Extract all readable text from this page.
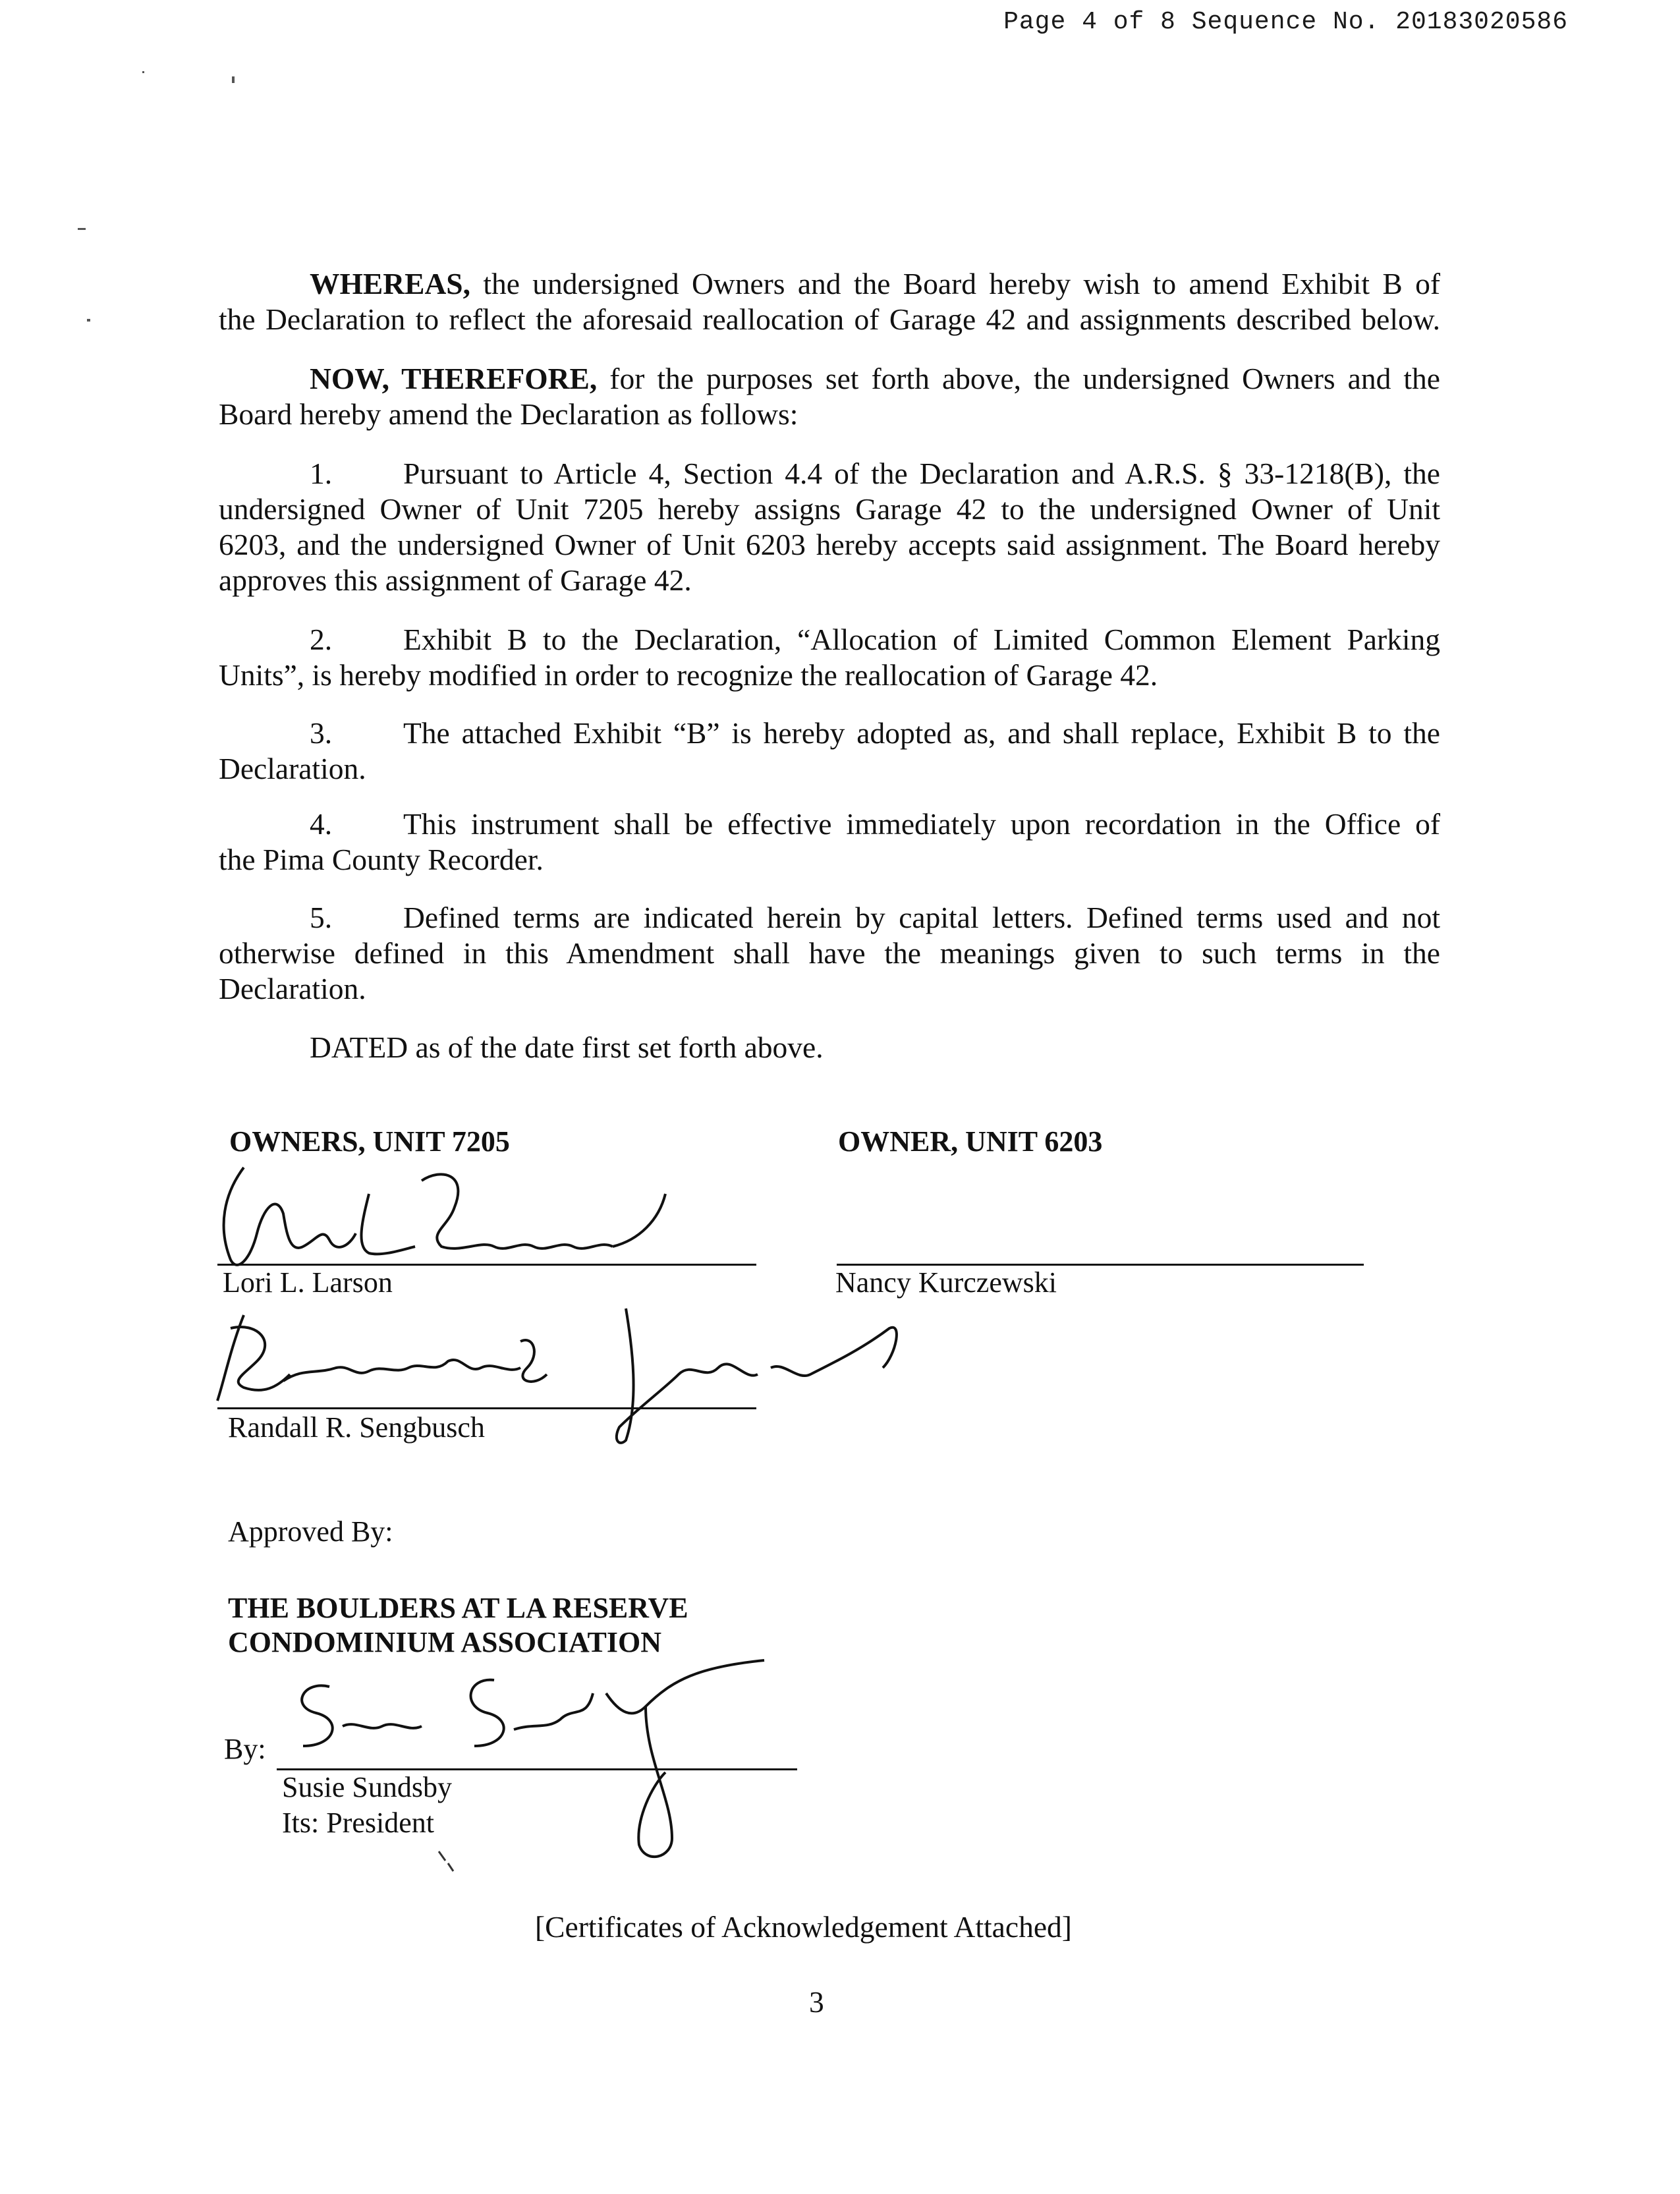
Page 4 of 8 Sequence No. 20183020586
WHEREAS, the undersigned Owners and the Board hereby wish to amend Exhibit B of
the Declaration to reflect the aforesaid reallocation of Garage 42 and assignments described below.
NOW, THEREFORE, for the purposes set forth above, the undersigned Owners and the
Board hereby amend the Declaration as follows:
1. Pursuant to Article 4, Section 4.4 of the Declaration and A.R.S. § 33-1218(B), the
undersigned Owner of Unit 7205 hereby assigns Garage 42 to the undersigned Owner of Unit
6203, and the undersigned Owner of Unit 6203 hereby accepts said assignment. The Board hereby
approves this assignment of Garage 42.
2. Exhibit B to the Declaration, “Allocation of Limited Common Element Parking
Units”, is hereby modified in order to recognize the reallocation of Garage 42.
3. The attached Exhibit “B” is hereby adopted as, and shall replace, Exhibit B to the
Declaration.
4. This instrument shall be effective immediately upon recordation in the Office of
the Pima County Recorder.
5. Defined terms are indicated herein by capital letters. Defined terms used and not
otherwise defined in this Amendment shall have the meanings given to such terms in the
Declaration.
DATED as of the date first set forth above.
OWNERS, UNIT 7205	OWNER, UNIT 6203
Lori L. Larson	Nancy Kurczewski
Randall R. Sengbusch
Approved By:
THE BOULDERS AT LA RESERVE
CONDOMINIUM ASSOCIATION
By:
Susie Sundsby
Its: President
[Certificates of Acknowledgement Attached]
3
